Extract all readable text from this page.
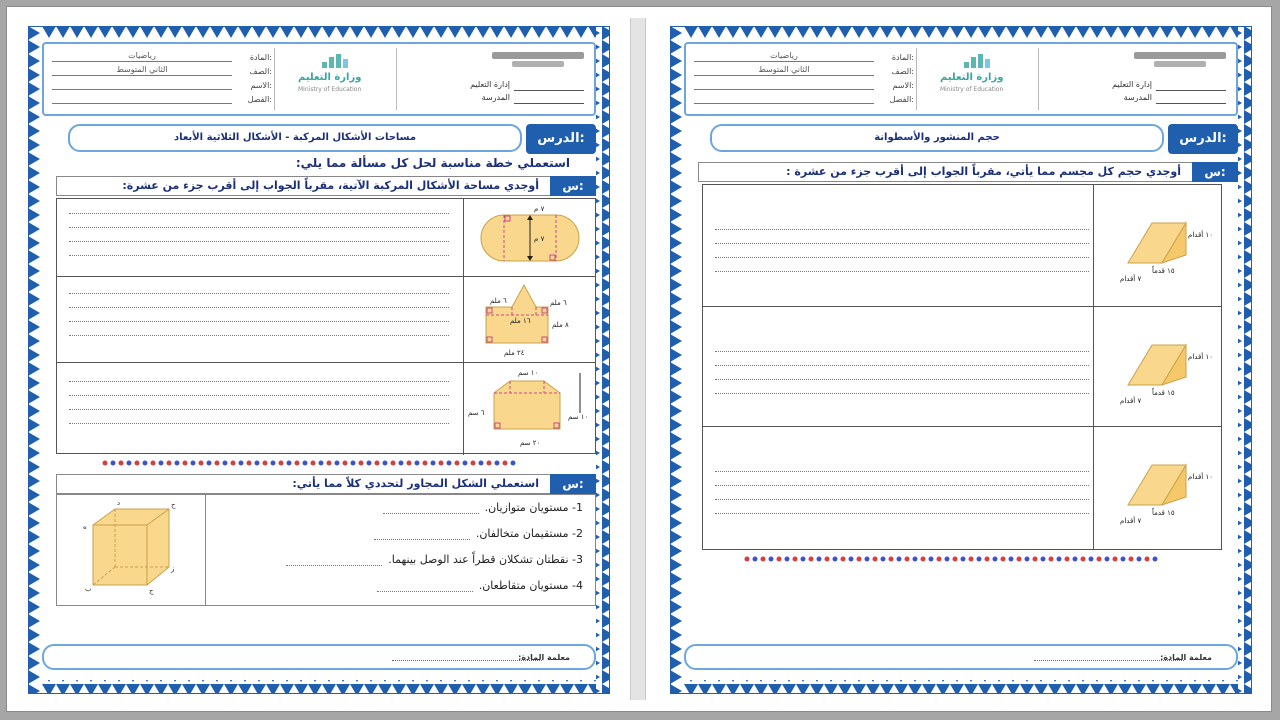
إدارة التعليم
المدرسة
وزارة التعليم
Ministry of Education
المادة:
رياضيات
الصف:
الثاني المتوسط
الاسم:
الفصل:
الدرس:
مساحات الأشكال المركبة - الأشكال الثلاثية الأبعاد
استعملي خطة مناسبة لحل كل مسألة مما يلي:
س:
أوجدي مساحة الأشكال المركبة الآتية، مقرباً الجواب إلى أقرب جزء من عشرة:
٧ م
٧ م
٦ ملم	٦ ملم
١٦ ملم	٨ ملم
٢٤ ملم
١٠ سم
١٠ سم
٦ سم
٢٠ سم
س:
استعملي الشكل المجاور لتحددي كلاً مما يأتي:
د	ح
ه
ز
ب	ج
1- مستويان متوازيان.
2- مستقيمان متخالفان.
3- نقطتان تشكلان قطراً عند الوصل بينهما.
4- مستويان متقاطعان.
معلمة المادة:
إدارة التعليم
المدرسة
وزارة التعليم
Ministry of Education
المادة:
رياضيات
الصف:
الثاني المتوسط
الاسم:
الفصل:
الدرس:
حجم المنشور والأسطوانة
س:
أوجدي حجم كل مجسم مما يأتي، مقرباً الجواب إلى أقرب جزء من عشرة :
١٠ أقدام
١٥ قدماً
٧ أقدام
١٠ أقدام
١٥ قدماً
٧ أقدام
١٠ أقدام
١٥ قدماً
٧ أقدام
معلمة المادة:
